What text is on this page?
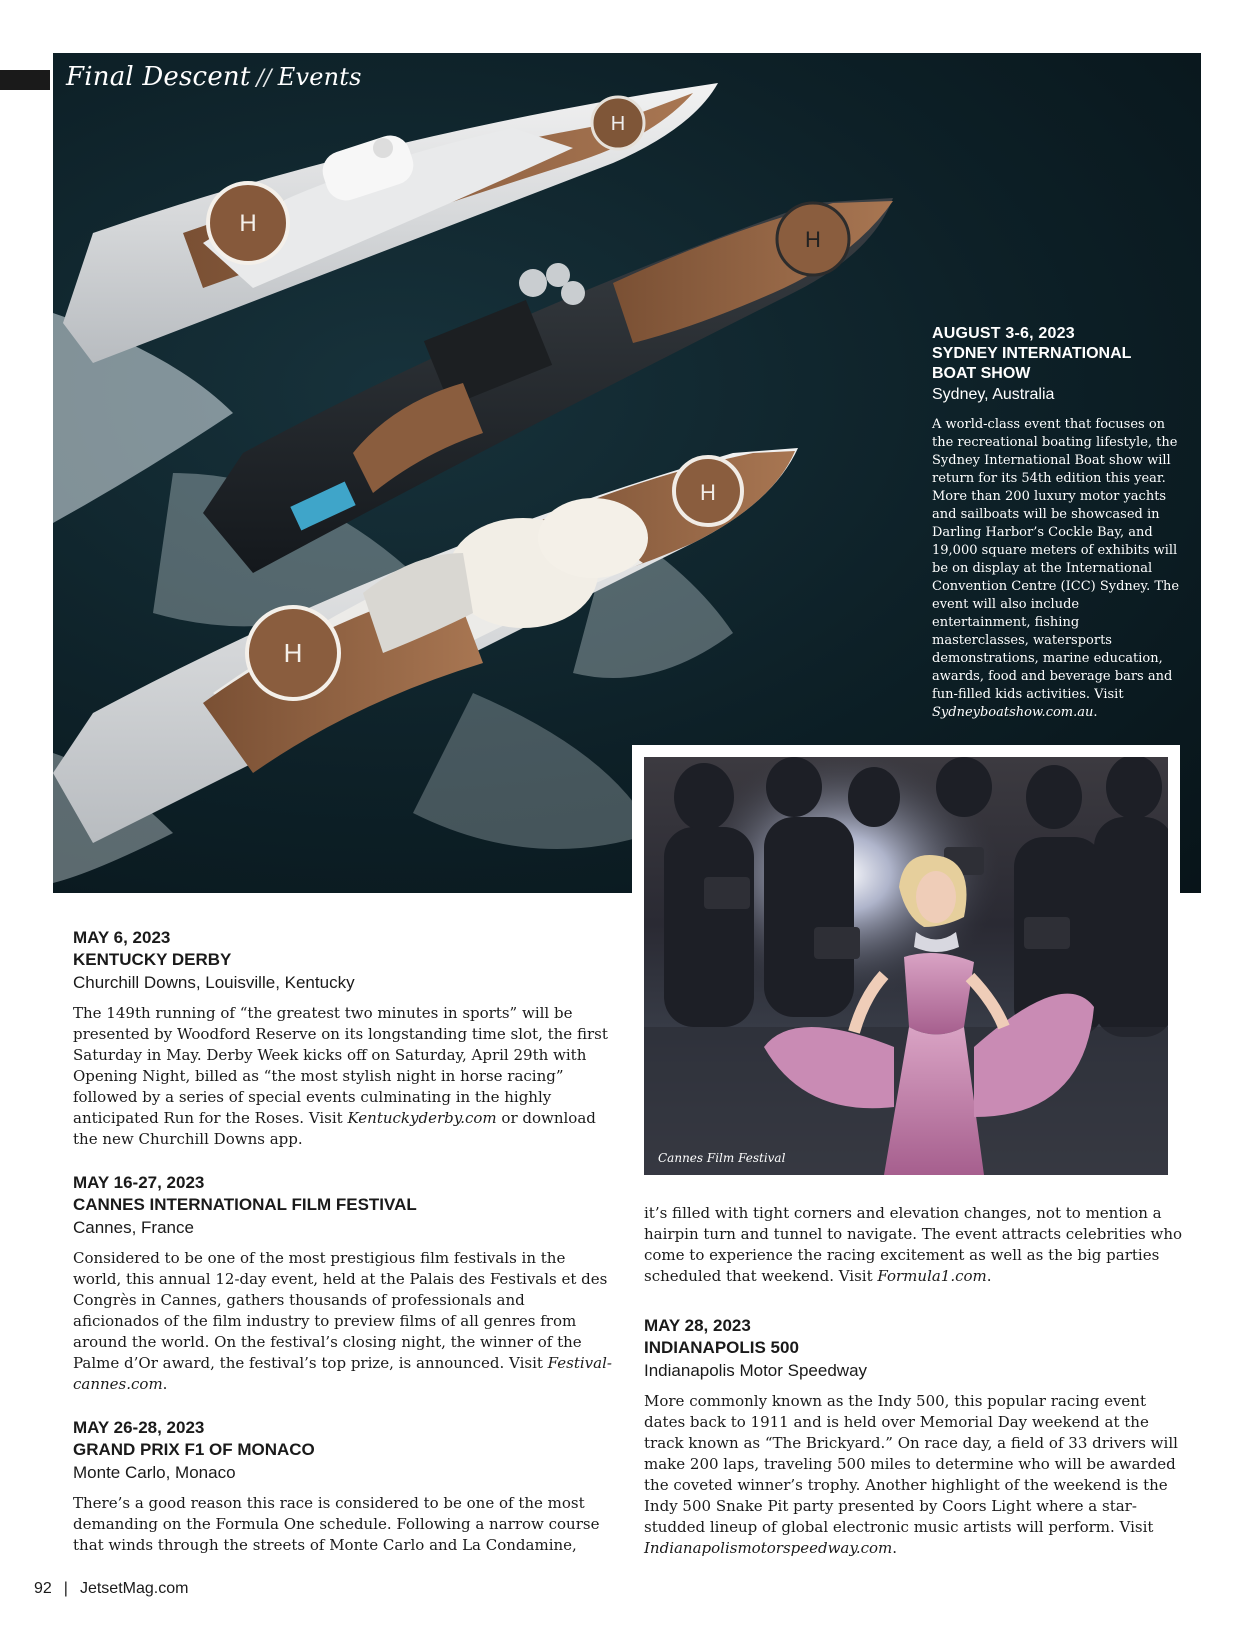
H
H
H
H
H
Final Descent // Events
AUGUST 3-6, 2023
SYDNEY INTERNATIONAL
BOAT SHOW
Sydney, Australia
A world-class event that focuses on the recreational boating lifestyle, the Sydney International Boat show will return for its 54th edition this year. More than 200 luxury motor yachts and sailboats will be showcased in Darling Harbor’s Cockle Bay, and 19,000 square meters of exhibits will be on display at the International Convention Centre (ICC) Sydney. The event will also include entertainment, fishing masterclasses, watersports demonstrations, marine education, awards, food and beverage bars and fun-filled kids activities. Visit Sydneyboatshow.com.au.
Cannes Film Festival
MAY 6, 2023
KENTUCKY DERBY
Churchill Downs, Louisville, Kentucky
The 149th running of “the greatest two minutes in sports” will be presented by Woodford Reserve on its longstanding time slot, the first Saturday in May. Derby Week kicks off on Saturday, April 29th with Opening Night, billed as “the most stylish night in horse racing” followed by a series of special events culminating in the highly anticipated Run for the Roses. Visit Kentuckyderby.com or download the new Churchill Downs app.
MAY 16-27, 2023
CANNES INTERNATIONAL FILM FESTIVAL
Cannes, France
Considered to be one of the most prestigious film festivals in the world, this annual 12-day event, held at the Palais des Festivals et des Congrès in Cannes, gathers thousands of professionals and aficionados of the film industry to preview films of all genres from around the world. On the festival’s closing night, the winner of the Palme d’Or award, the festival’s top prize, is announced. Visit Festival-cannes.com.
MAY 26-28, 2023
GRAND PRIX F1 OF MONACO
Monte Carlo, Monaco
There’s a good reason this race is considered to be one of the most demanding on the Formula One schedule. Following a narrow course that winds through the streets of Monte Carlo and La Condamine,
it’s filled with tight corners and elevation changes, not to mention a hairpin turn and tunnel to navigate. The event attracts celebrities who come to experience the racing excitement as well as the big parties scheduled that weekend. Visit Formula1.com.
MAY 28, 2023
INDIANAPOLIS 500
Indianapolis Motor Speedway
More commonly known as the Indy 500, this popular racing event dates back to 1911 and is held over Memorial Day weekend at the track known as “The Brickyard.” On race day, a field of 33 drivers will make 200 laps, traveling 500 miles to determine who will be awarded the coveted winner’s trophy. Another highlight of the weekend is the Indy 500 Snake Pit party presented by Coors Light where a star-studded lineup of global electronic music artists will perform. Visit Indianapolismotorspeedway.com.
92 | JetsetMag.com
